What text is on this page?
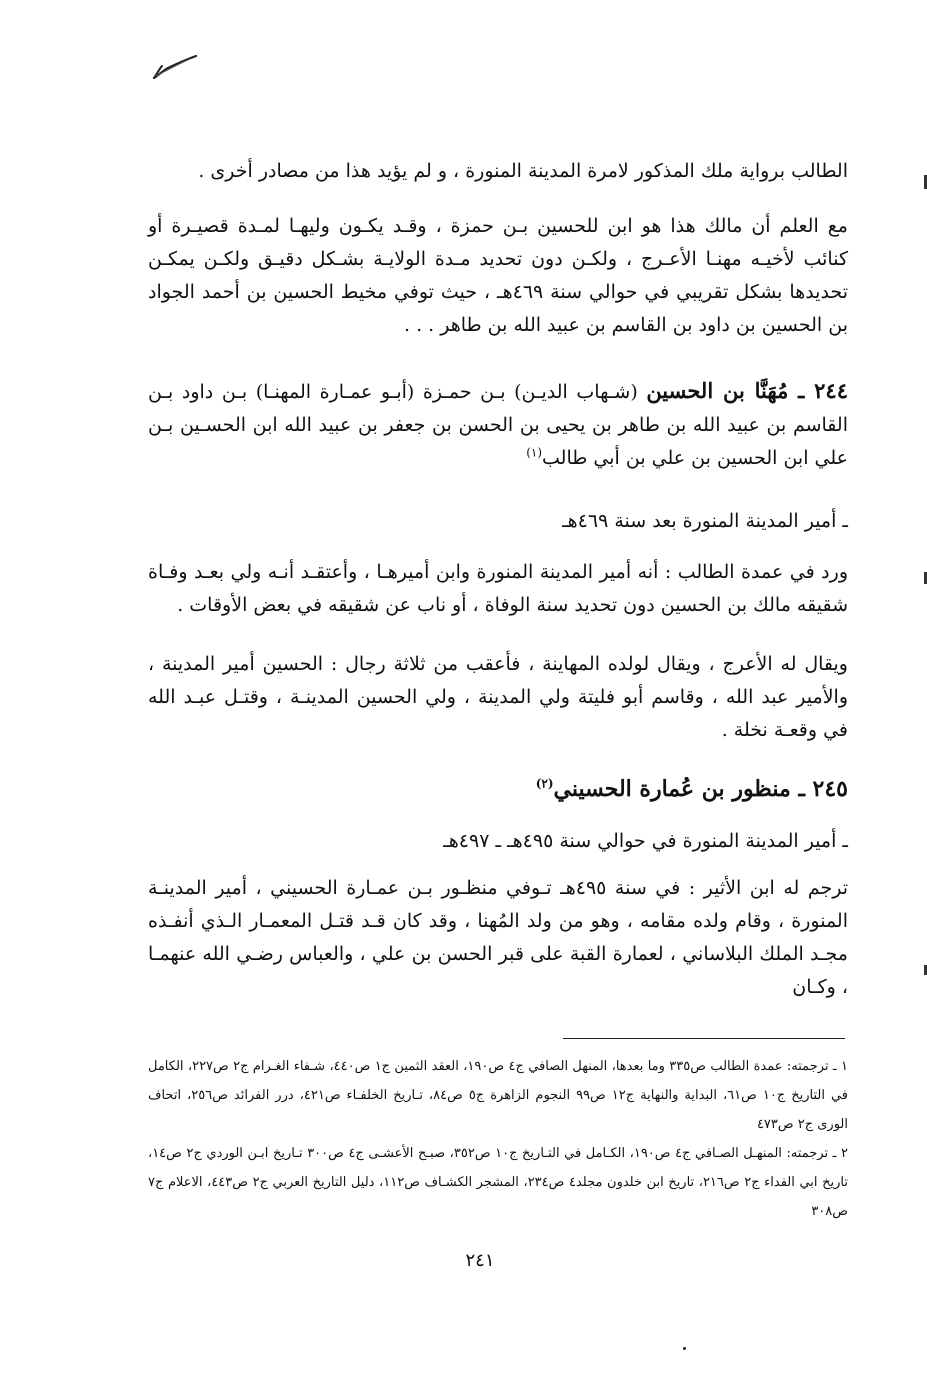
الطالب برواية ملك المذكور لامرة المدينة المنورة ، و لم يؤيد هذا من مصادر أخرى .

مع العلم أن مالك هذا هو ابن للحسين بـن حمزة ، وقـد يكـون وليهـا لمـدة قصيـرة أو كنائب لأخيـه مهنـا الأعـرج ، ولكـن دون تحديد مـدة الولايـة بشـكل دقيـق ولكـن يمكـن تحديدها بشكل تقريبي في حوالي سنة ٤٦٩هـ ، حيث توفي مخيط الحسين بن أحمد الجواد بن الحسين بن داود بن القاسم بن عبيد الله بن طاهر . . .

٢٤٤ ـ مُهَنَّا بن الحسين (شـهاب الديـن) بـن حمـزة (أبـو عمـارة المهنـا) بـن داود بـن القاسم بن عبيد الله بن طاهر بن يحيى بن الحسن بن جعفر بن عبيد الله ابن الحسـين بـن علي ابن الحسين بن علي بن أبي طالب$^{(١)}$

ـ أمير المدينة المنورة بعد سنة ٤٦٩هـ

ورد في عمدة الطالب : أنه أمير المدينة المنورة وابن أميرهـا ، وأعتقـد أنـه ولي بعـد وفـاة شقيقه مالك بن الحسين دون تحديد سنة الوفاة ، أو ناب عن شقيقه في بعض الأوقات .

ويقال له الأعرج ، ويقال لولده المهاينة ، فأعقب من ثلاثة رجال : الحسين أمير المدينة ، والأمير عبد الله ، وقاسم أبو فليتة ولي المدينة ، ولي الحسين المدينـة ، وقتـل عبـد الله في وقعـة نخلة .

٢٤٥ ـ منظور بن عُمارة الحسيني$^{(٢)}$

ـ أمير المدينة المنورة في حوالي سنة ٤٩٥هـ ـ ٤٩٧هـ

ترجم له ابن الأثير : في سنة ٤٩٥هـ تـوفي منظـور بـن عمـارة الحسيني ، أمير المدينـة المنورة ، وقام ولده مقامه ، وهو من ولد المُهنا ، وقد كان قـد قتـل المعمـار الـذي أنفـذه مجـد الملك البلاساني ، لعمارة القبة على قبر الحسن بن علي ، والعباس رضـي الله عنهمـا ، وكـان

١ ـ ترجمته: عمدة الطالب ص٣٣٥ وما بعدها، المنهل الصافي ج٤ ص١٩٠، العقد الثمين ج١ ص٤٤٠، شـفاء الغـرام ج٢ ص٢٢٧، الكامل في التاريخ ج١٠ ص٦١، البداية والنهاية ج١٢ ص٩٩ النجوم الزاهرة ج٥ ص٨٤، تـاريخ الخلفـاء ص٤٢١، درر الفرائد ص٢٥٦، اتحاف الورى ج٢ ص٤٧٣

٢ ـ ترجمته: المنهـل الصـافي ج٤ ص١٩٠، الكـامل في التـاريخ ج١٠ ص٣٥٢، صبـح الأعشـى ج٤ ص٣٠٠ تـاريخ ابـن الوردي ج٢ ص١٤، تاريخ ابي الفداء ج٢ ص٢١٦، تاريخ ابن خلدون مجلد٤ ص٢٣٤، المشجر الكشـاف ص١١٢، دليل التاريخ العربي ج٢ ص٤٤٣، الاعلام ج٧ ص٣٠٨

٢٤١
